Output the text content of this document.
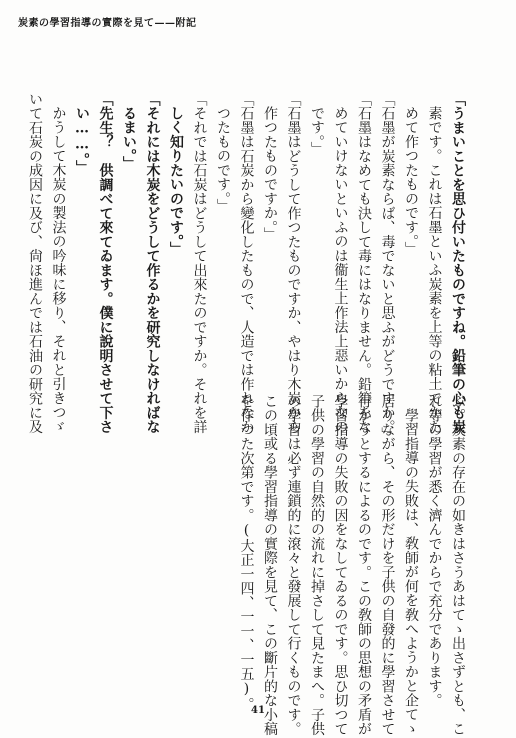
炭素の學習指導の實際を見て——附記
「うまいことを思ひ付いたものですね。鉛筆の心も炭
素です。これは石墨といふ炭素を上等の粘土でかた
めて作つたものです。」
「石墨が炭素ならば、毒でないと思ふがどうですか。」
「石墨はなめても決して毒にはなりません。鉛筆をな
めていけないといふのは衞生上作法上惡いからなの
です。」
「石墨はどうして作つたものですか、やはり木炭から
作つたものですか。」
「石墨は石炭から變化したもので、人造では作れなか
つたものです。」
「それでは石炭はどうして出來たのですか。それを詳
しく知りたいのです。」
「それには木炭をどうして作るかを研究しなければな
るまい。」
「先生？　供調べて來てゐます。僕に說明させて下さ
い……。」
かうして木炭の製法の吟味に移り、それと引きつゞ
いて石炭の成因に及び、尙ほ進んでは石油の研究に及
ぶ。炭素の存在の如きはさうあはてゝ出さずとも、こ
れ等の學習が悉く濟んでからで充分であります。
學習指導の失敗は、敎師が何を敎へようかと企てゝ
居りながら、その形だけを子供の自發的に學習させて
行かうとするによるのです。この敎師の思想の矛盾が
學習指導の失敗の因をなしてゐるのです。思ひ切つて
子供の學習の自然的の流れに掉さして見たまへ。子供
の學習は必ず連鎖的に滾々と發展して行くものです。
この頃或る學習指導の實際を見て、この斷片的な小稿
を作つた次第です。(大正一四、一一、一五)。
41
